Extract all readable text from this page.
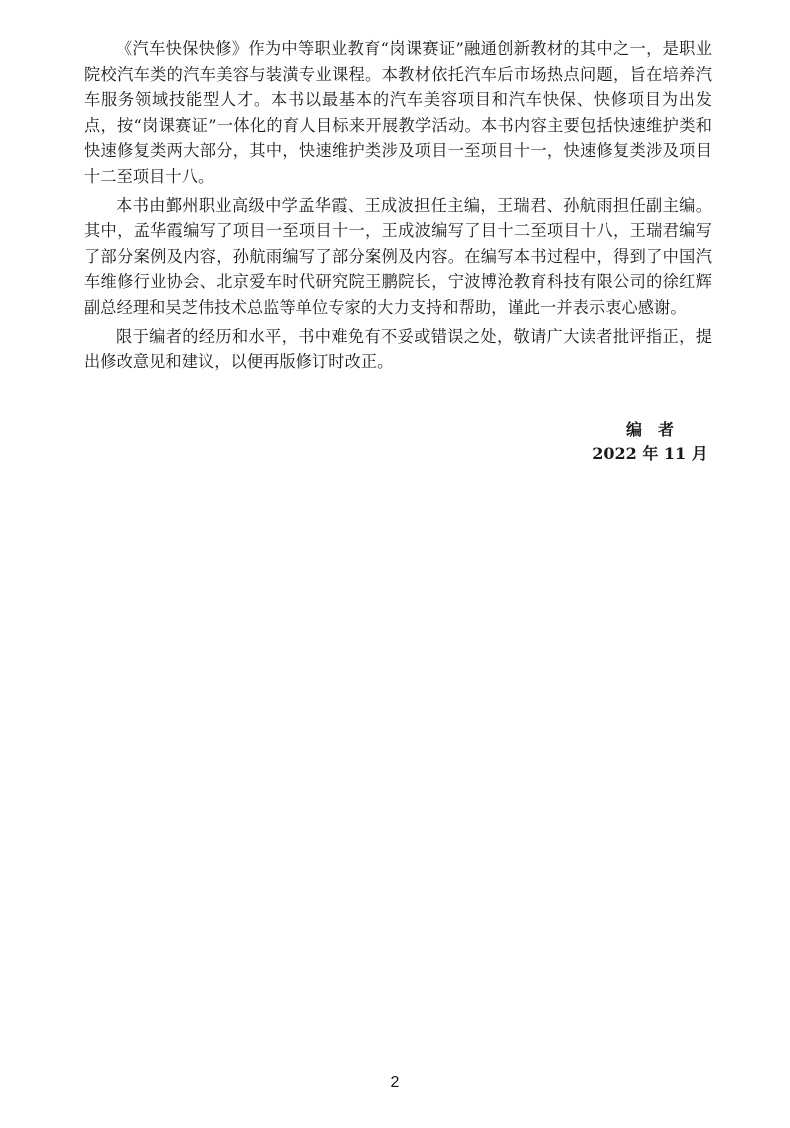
《汽车快保快修》作为中等职业教育“岗课赛证”融通创新教材的其中之一，是职业院校汽车类的汽车美容与装潢专业课程。本教材依托汽车后市场热点问题，旨在培养汽车服务领域技能型人才。本书以最基本的汽车美容项目和汽车快保、快修项目为出发点，按“岗课赛证”一体化的育人目标来开展教学活动。本书内容主要包括快速维护类和快速修复类两大部分，其中，快速维护类涉及项目一至项目十一，快速修复类涉及项目十二至项目十八。

本书由鄞州职业高级中学孟华霞、王成波担任主编，王瑞君、孙航雨担任副主编。其中，孟华霞编写了项目一至项目十一，王成波编写了目十二至项目十八，王瑞君编写了部分案例及内容，孙航雨编写了部分案例及内容。在编写本书过程中，得到了中国汽车维修行业协会、北京爱车时代研究院王鹏院长，宁波博沧教育科技有限公司的徐红辉副总经理和吴芝伟技术总监等单位专家的大力支持和帮助，谨此一并表示衷心感谢。

限于编者的经历和水平，书中难免有不妥或错误之处，敬请广大读者批评指正，提出修改意见和建议，以便再版修订时改正。

编者
2022 年 11 月
2
